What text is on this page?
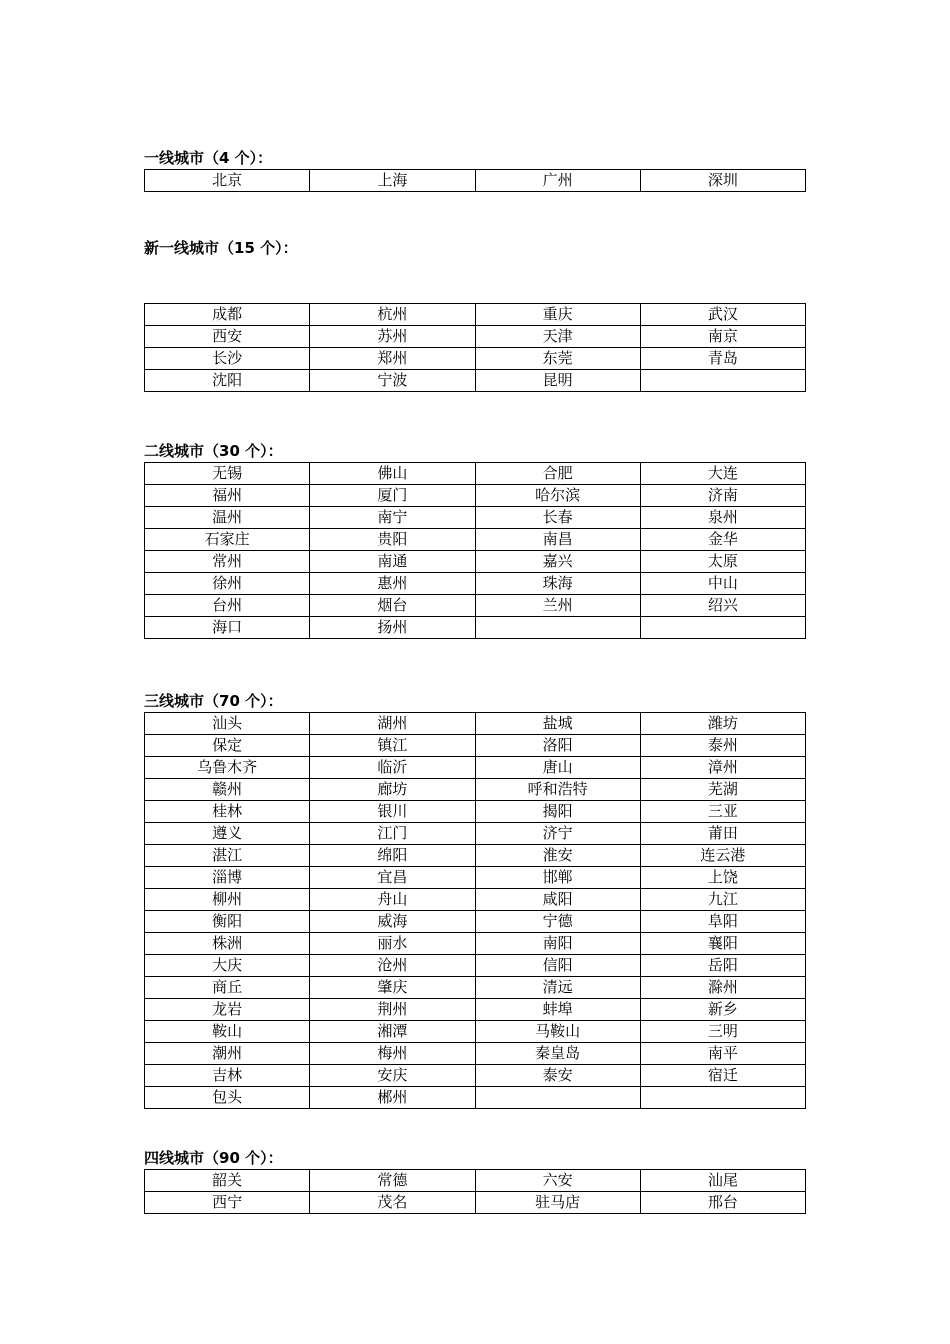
一线城市（4 个）：
北京	上海	广州	深圳
新一线城市（15 个）：
成都	杭州	重庆	武汉
西安	苏州	天津	南京
长沙	郑州	东莞	青岛
沈阳	宁波	昆明	
二线城市（30 个）：
无锡	佛山	合肥	大连
福州	厦门	哈尔滨	济南
温州	南宁	长春	泉州
石家庄	贵阳	南昌	金华
常州	南通	嘉兴	太原
徐州	惠州	珠海	中山
台州	烟台	兰州	绍兴
海口	扬州		
三线城市（70 个）：
汕头	湖州	盐城	潍坊
保定	镇江	洛阳	泰州
乌鲁木齐	临沂	唐山	漳州
赣州	廊坊	呼和浩特	芜湖
桂林	银川	揭阳	三亚
遵义	江门	济宁	莆田
湛江	绵阳	淮安	连云港
淄博	宜昌	邯郸	上饶
柳州	舟山	咸阳	九江
衡阳	威海	宁德	阜阳
株洲	丽水	南阳	襄阳
大庆	沧州	信阳	岳阳
商丘	肇庆	清远	滁州
龙岩	荆州	蚌埠	新乡
鞍山	湘潭	马鞍山	三明
潮州	梅州	秦皇岛	南平
吉林	安庆	泰安	宿迁
包头	郴州		
四线城市（90 个）：
韶关	常德	六安	汕尾
西宁	茂名	驻马店	邢台
